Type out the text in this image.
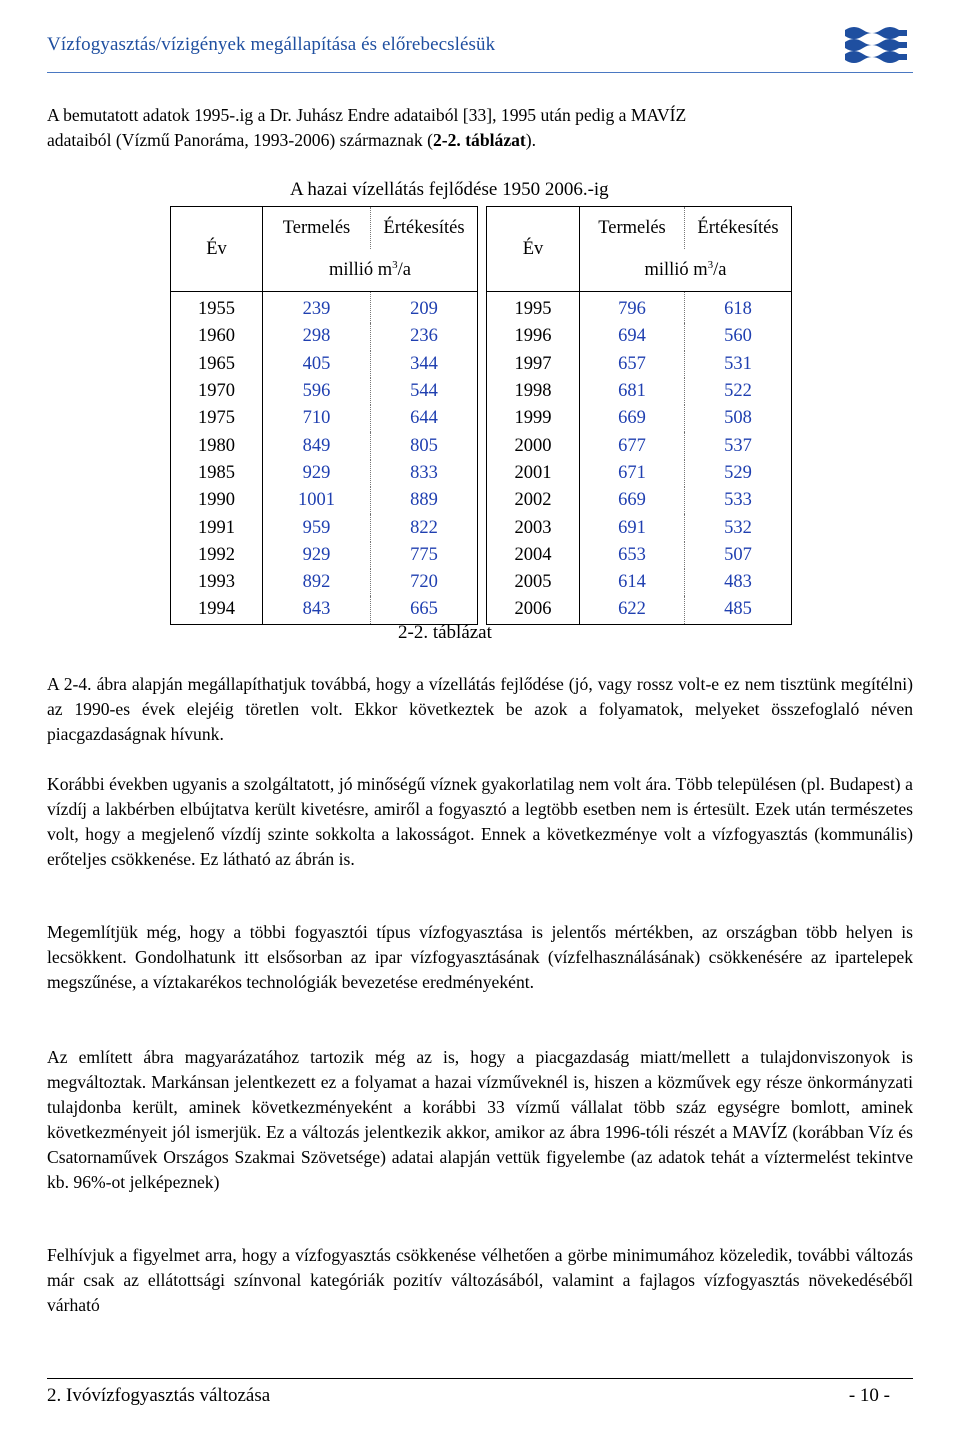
Vízfogyasztás/vízigények megállapítása és előrebecslésük
A bemutatott adatok 1995-.ig a Dr. Juhász Endre adataiból [33], 1995 után pedig a MAVÍZ
adataiból (Vízmű Panoráma, 1993-2006) származnak (2-2. táblázat).
A hazai vízellátás fejlődése 1950 2006.-ig
Év	Termelés	Értékesítés
	millió $m^3/a$	
1955	239	209
1960	298	236
1965	405	344
1970	596	544
1975	710	644
1980	849	805
1985	929	833
1990	1001	889
1991	959	822
1992	929	775
1993	892	720
1994	843	665
Év	Termelés	Értékesítés
	millió $m^3/a$	
1995	796	618
1996	694	560
1997	657	531
1998	681	522
1999	669	508
2000	677	537
2001	671	529
2002	669	533
2003	691	532
2004	653	507
2005	614	483
2006	622	485
2-2. táblázat
A 2-4. ábra alapján megállapíthatjuk továbbá, hogy a vízellátás fejlődése (jó, vagy rossz volt-e ez nem tisztünk megítélni) az 1990-es évek elejéig töretlen volt. Ekkor következtek be azok a folyamatok, melyeket összefoglaló néven piacgazdaságnak hívunk.
Korábbi években ugyanis a szolgáltatott, jó minőségű víznek gyakorlatilag nem volt ára. Több településen (pl. Budapest) a vízdíj a lakbérben elbújtatva került kivetésre, amiről a fogyasztó a legtöbb esetben nem is értesült. Ezek után természetes volt, hogy a megjelenő vízdíj szinte sokkolta a lakosságot. Ennek a következménye volt a vízfogyasztás (kommunális) erőteljes csökkenése. Ez látható az ábrán is.
Megemlítjük még, hogy a többi fogyasztói típus vízfogyasztása is jelentős mértékben, az országban több helyen is lecsökkent. Gondolhatunk itt elsősorban az ipar vízfogyasztásának (vízfelhasználásának) csökkenésére az ipartelepek megszűnése, a víztakarékos technológiák bevezetése eredményeként.
Az említett ábra magyarázatához tartozik még az is, hogy a piacgazdaság miatt/mellett a tulajdonviszonyok is megváltoztak. Markánsan jelentkezett ez a folyamat a hazai vízműveknél is, hiszen a közművek egy része önkormányzati tulajdonba került, aminek következményeként a korábbi 33 vízmű vállalat több száz egységre bomlott, aminek következményeit jól ismerjük. Ez a változás jelentkezik akkor, amikor az ábra 1996-tóli részét a MAVÍZ (korábban Víz és Csatornaművek Országos Szakmai Szövetsége) adatai alapján vettük figyelembe (az adatok tehát a víztermelést tekintve kb. 96%-ot jelképeznek)
Felhívjuk a figyelmet arra, hogy a vízfogyasztás csökkenése vélhetően a görbe minimumához közeledik, további változás már csak az ellátottsági színvonal kategóriák pozitív változásából, valamint a fajlagos vízfogyasztás növekedéséből várható
2. Ivóvízfogyasztás változása	- 10 -
